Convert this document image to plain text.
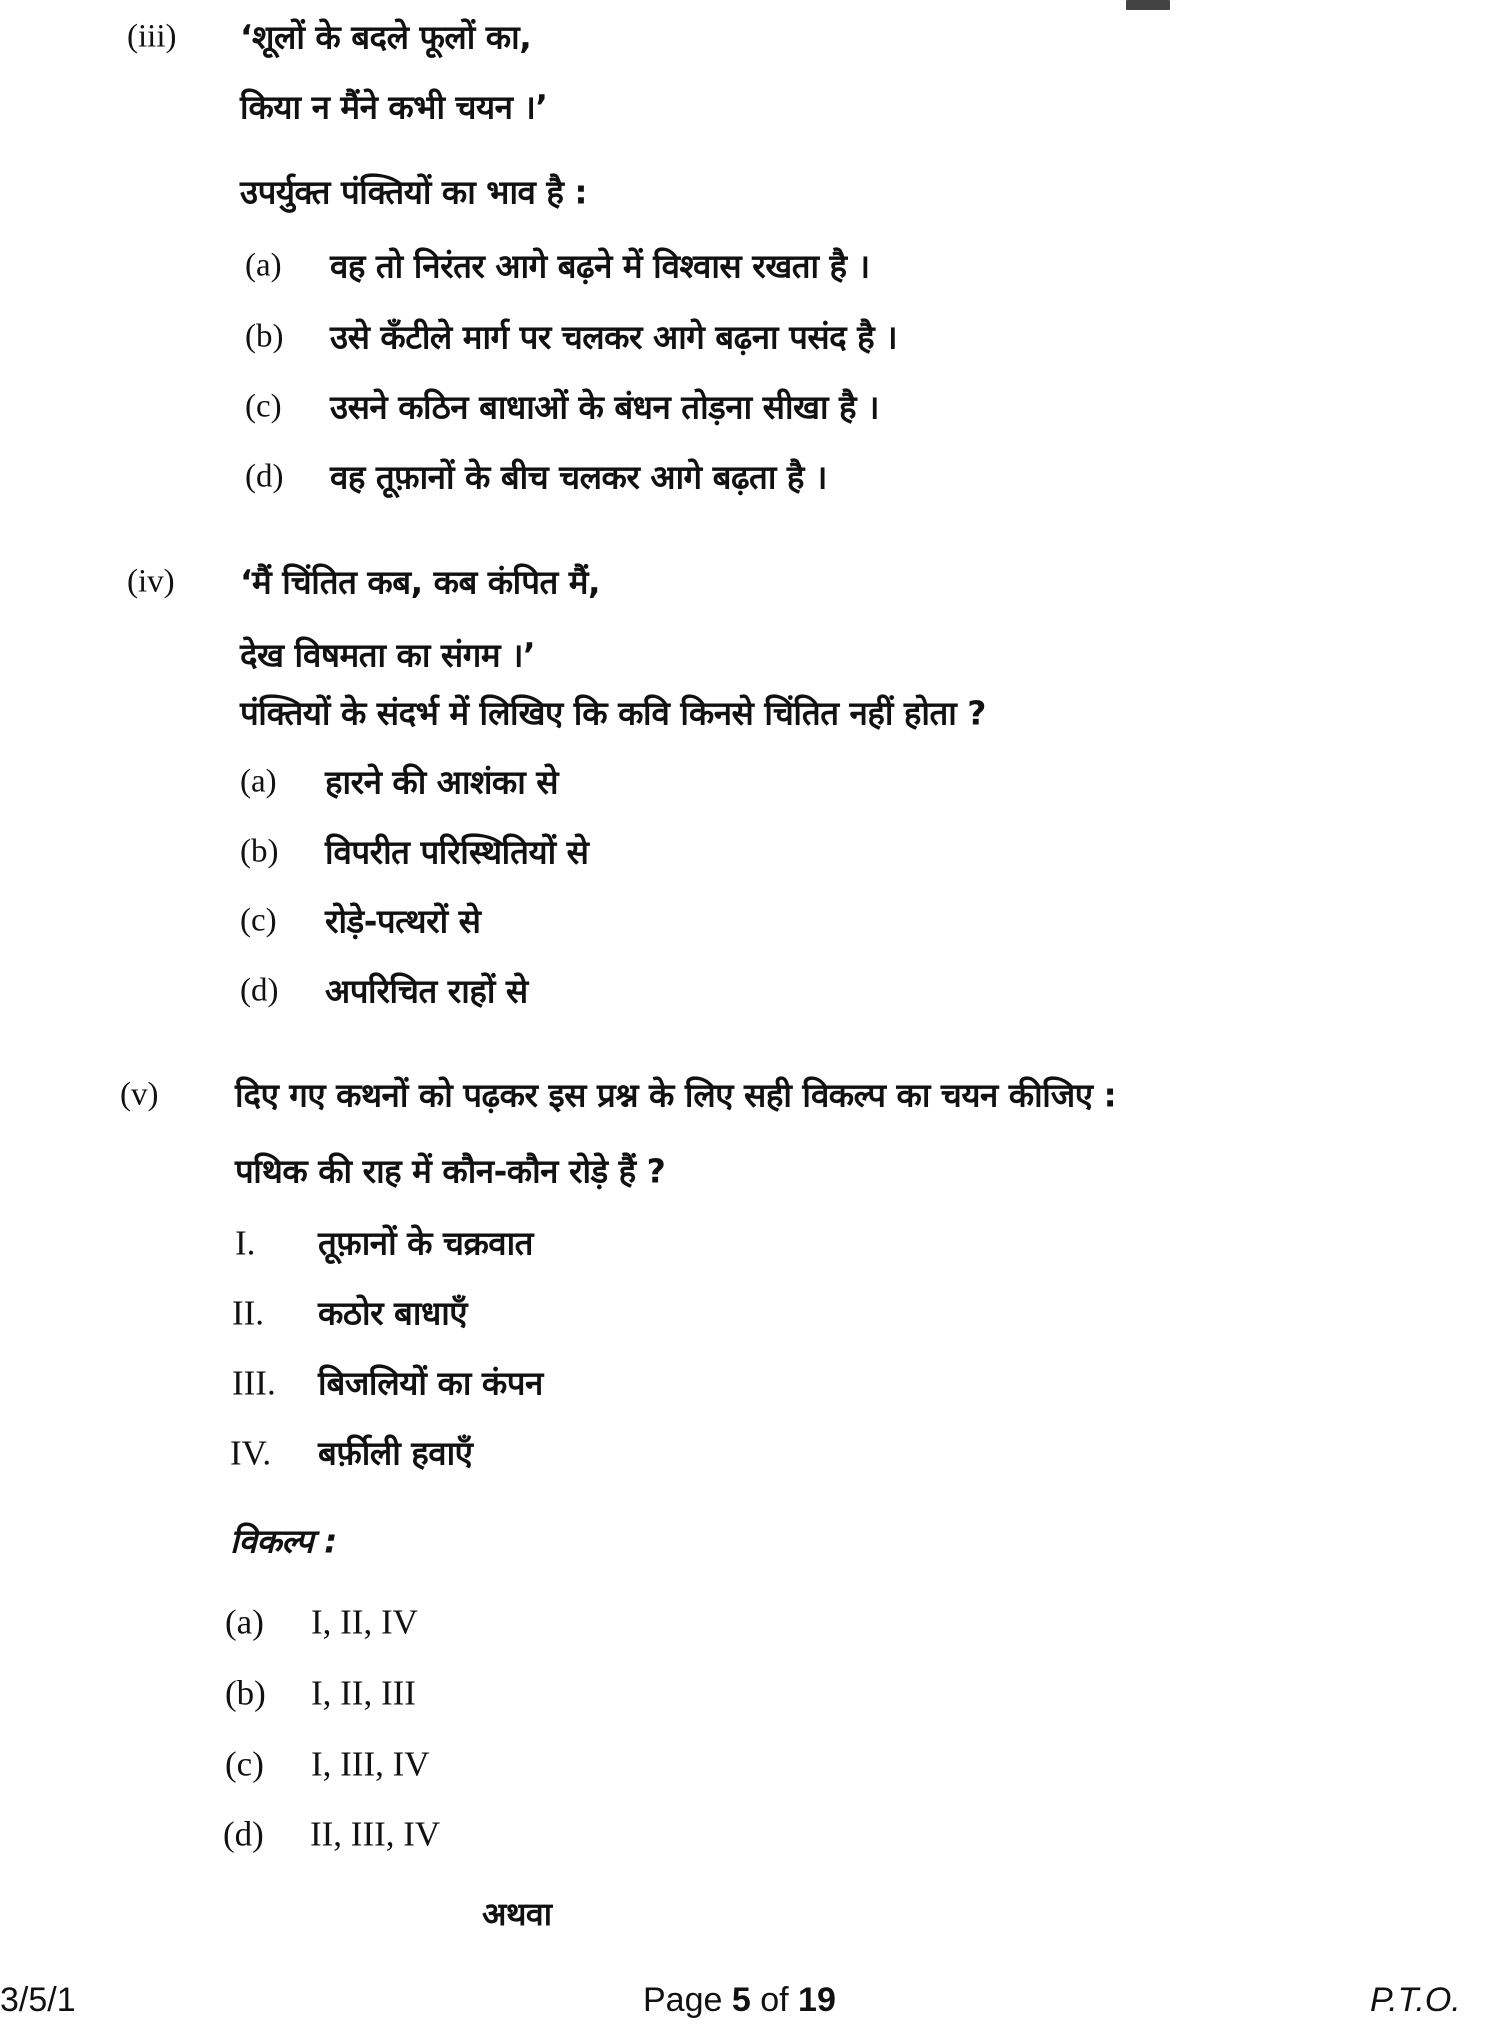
(iii) ‘शूलों के बदले फूलों का,
किया न मैंने कभी चयन ।’
उपर्युक्त पंक्तियों का भाव है :
(a) वह तो निरंतर आगे बढ़ने में विश्वास रखता है ।
(b) उसे कँटीले मार्ग पर चलकर आगे बढ़ना पसंद है ।
(c) उसने कठिन बाधाओं के बंधन तोड़ना सीखा है ।
(d) वह तूफ़ानों के बीच चलकर आगे बढ़ता है ।
(iv) ‘मैं चिंतित कब, कब कंपित मैं,
देख विषमता का संगम ।’
पंक्तियों के संदर्भ में लिखिए कि कवि किनसे चिंतित नहीं होता ?
(a) हारने की आशंका से
(b) विपरीत परिस्थितियों से
(c) रोड़े-पत्थरों से
(d) अपरिचित राहों से
(v) दिए गए कथनों को पढ़कर इस प्रश्न के लिए सही विकल्प का चयन कीजिए :
पथिक की राह में कौन-कौन रोड़े हैं ?
I. तूफ़ानों के चक्रवात
II. कठोर बाधाएँ
III. बिजलियों का कंपन
IV. बर्फ़ीली हवाएँ
विकल्प :
(a) I, II, IV
(b) I, II, III
(c) I, III, IV
(d) II, III, IV
अथवा
3/5/1	Page 5 of 19	P.T.O.
